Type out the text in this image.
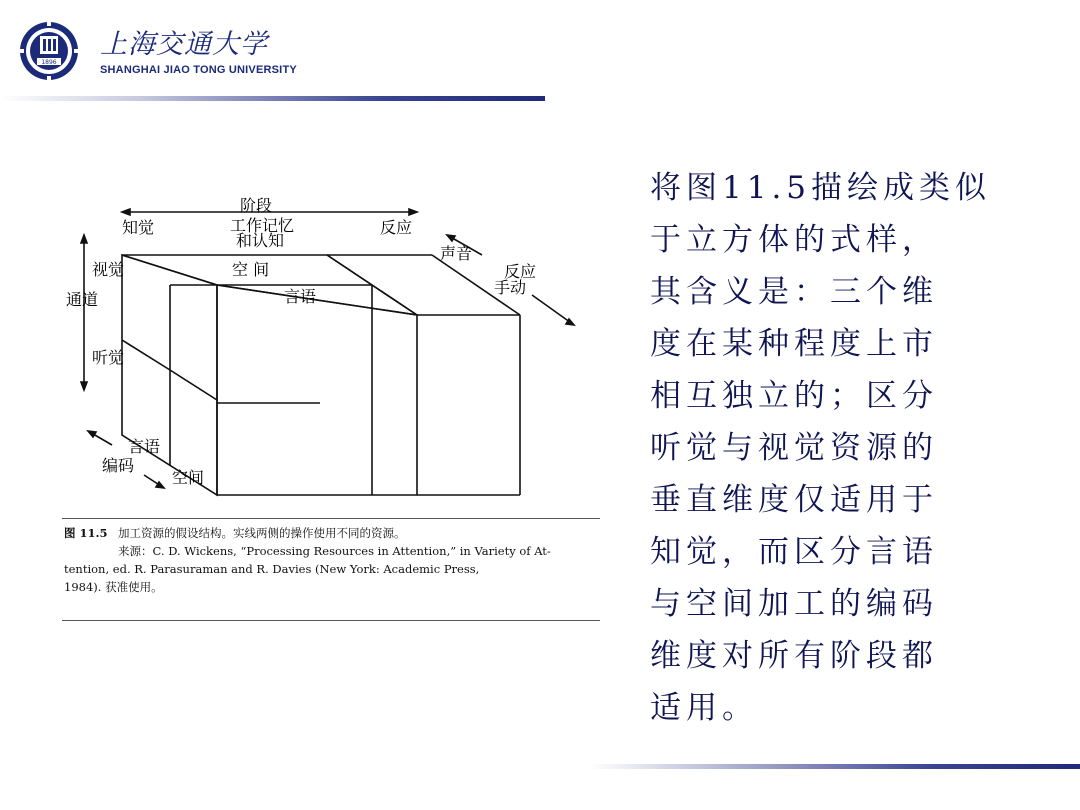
1896
上海交通大学
SHANGHAI JIAO TONG UNIVERSITY
阶段
知觉	工作记忆
和认知
反应
声音
反应
手动
通道
视觉
听觉
空 间
言语
言语
编码
空间
图 11.5 加工资源的假设结构。实线两侧的操作使用不同的资源。
来源：C. D. Wickens, “Processing Resources in Attention,” in Variety of At-
tention, ed. R. Parasuraman and R. Davies (New York: Academic Press,
1984). 获准使用。
将图11.5描绘成类似
于立方体的式样，
其含义是：三个维
度在某种程度上市
相互独立的；区分
听觉与视觉资源的
垂直维度仅适用于
知觉，而区分言语
与空间加工的编码
维度对所有阶段都
适用。
